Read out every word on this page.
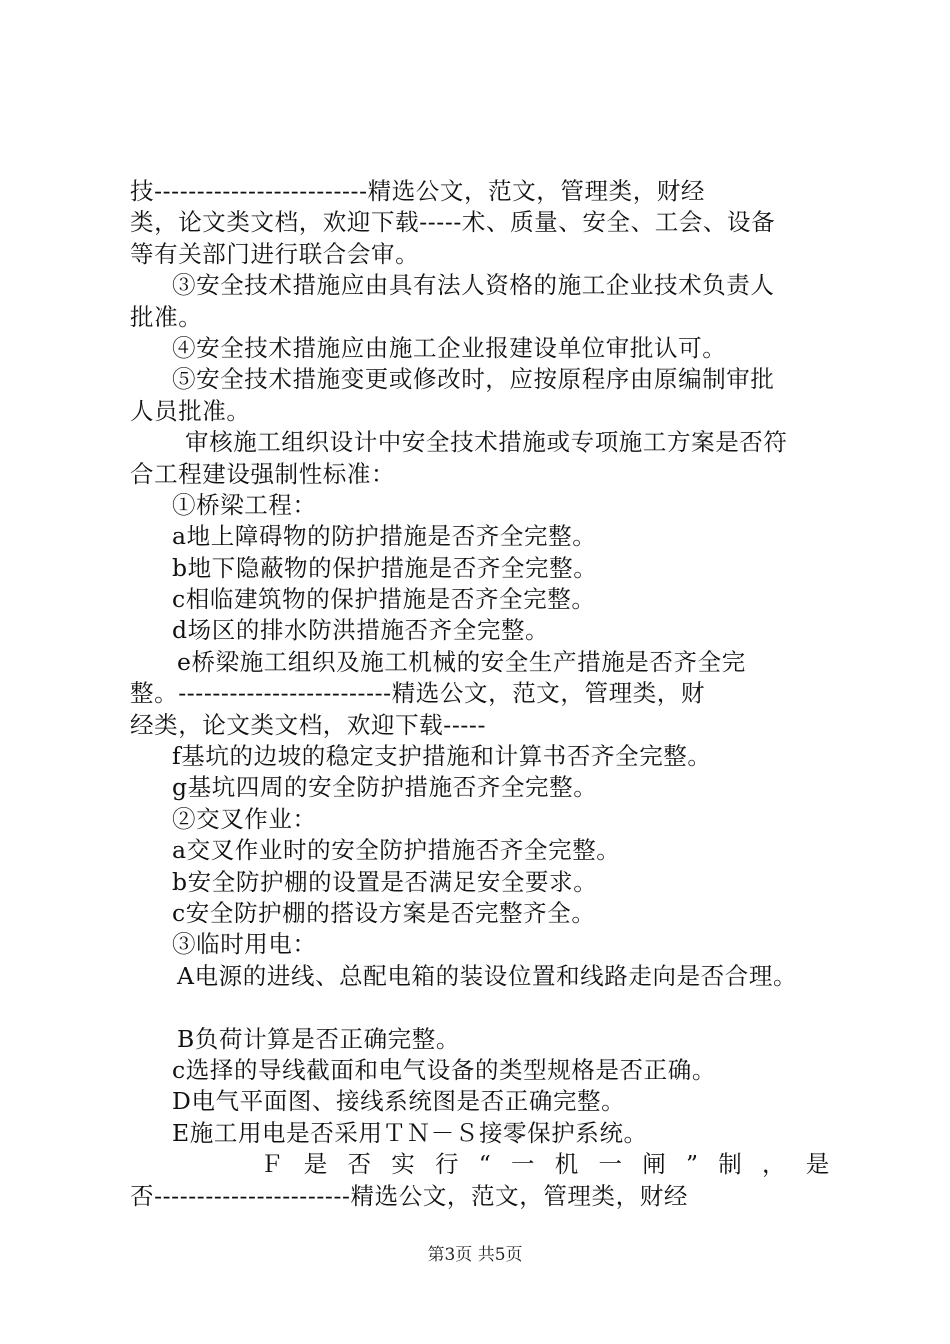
技-------------------------精选公文，范文，管理类，财经
类，论文类文档，欢迎下载-----术、质量、安全、工会、设备
等有关部门进行联合会审。
③安全技术措施应由具有法人资格的施工企业技术负责人
批准。
④安全技术措施应由施工企业报建设单位审批认可。
⑤安全技术措施变更或修改时，应按原程序由原编制审批
人员批准。
审核施工组织设计中安全技术措施或专项施工方案是否符
合工程建设强制性标准：
①桥梁工程：
a地上障碍物的防护措施是否齐全完整。
b地下隐蔽物的保护措施是否齐全完整。
c相临建筑物的保护措施是否齐全完整。
d场区的排水防洪措施否齐全完整。
e桥梁施工组织及施工机械的安全生产措施是否齐全完
整。-------------------------精选公文，范文，管理类，财
经类，论文类文档，欢迎下载-----
f基坑的边坡的稳定支护措施和计算书否齐全完整。
g基坑四周的安全防护措施否齐全完整。
②交叉作业：
a交叉作业时的安全防护措施否齐全完整。
b安全防护棚的设置是否满足安全要求。
c安全防护棚的搭设方案是否完整齐全。
③临时用电：
A电源的进线、总配电箱的装设位置和线路走向是否合理。
B负荷计算是否正确完整。
c选择的导线截面和电气设备的类型规格是否正确。
D电气平面图、接线系统图是否正确完整。
E施工用电是否采用ＴＮ－Ｓ接零保护系统。
Ｆ 是 否 实 行 “ 一 机 一 闸 ” 制 ， 是
否-----------------------精选公文，范文，管理类，财经
第3页 共5页
